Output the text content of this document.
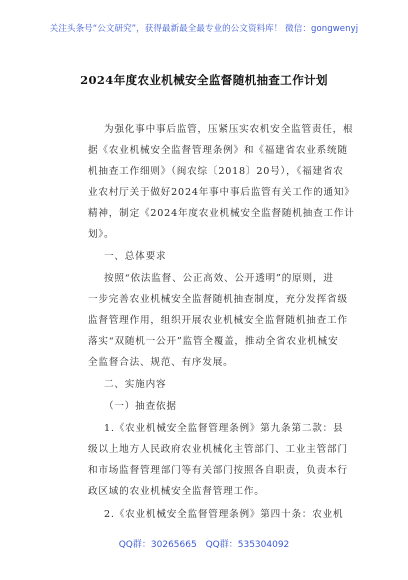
关注头条号“公文研究”，获得最新最全最专业的公文资料库！ 微信：gongwenyj
2024年度农业机械安全监督随机抽查工作计划
为强化事中事后监管，压紧压实农机安全监管责任，根
据《农业机械安全监督管理条例》和《福建省农业系统随
机抽查工作细则》（闽农综〔2018〕20号），《福建省农
业农村厅关于做好2024年事中事后监管有关工作的通知》
精神，制定《2024年度农业机械安全监督随机抽查工作计
划》。
一、总体要求
按照“依法监督、公正高效、公开透明”的原则，进
一步完善农业机械安全监督随机抽查制度，充分发挥省级
监督管理作用，组织开展农业机械安全监督随机抽查工作
落实“双随机一公开”监管全覆盖，推动全省农业机械安
全监督合法、规范、有序发展。
二、实施内容
（一）抽查依据
1.《农业机械安全监督管理条例》第九条第二款：县
级以上地方人民政府农业机械化主管部门、工业主管部门
和市场监督管理部门等有关部门按照各自职责，负责本行
政区域的农业机械安全监督管理工作。
2.《农业机械安全监督管理条例》第四十条：农业机
QQ群：30265665 QQ群：535304092
